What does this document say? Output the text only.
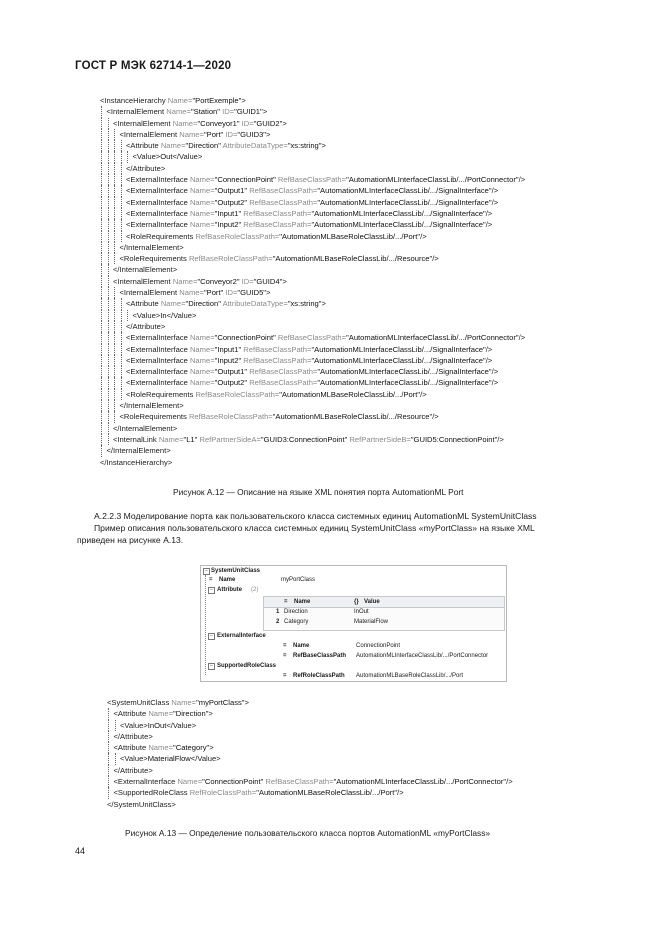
ГОСТ Р МЭК 62714-1—2020
<InstanceHierarchy Name="PortExemple">
<InternalElement Name="Station" ID="GUID1">
<InternalElement Name="Conveyor1" ID="GUID2">
<InternalElement Name="Port" ID="GUID3">
<Attribute Name="Direction" AttributeDataType="xs:string">
<Value>Out</Value>
</Attribute>
<ExternalInterface Name="ConnectionPoint" RefBaseClassPath="AutomationMLInterfaceClassLib/.../PortConnector"/>
<ExternalInterface Name="Output1" RefBaseClassPath="AutomationMLInterfaceClassLib/.../SignalInterface"/>
<ExternalInterface Name="Output2" RefBaseClassPath="AutomationMLInterfaceClassLib/.../SignalInterface"/>
<ExternalInterface Name="Input1" RefBaseClassPath="AutomationMLInterfaceClassLib/.../SignalInterface"/>
<ExternalInterface Name="Input2" RefBaseClassPath="AutomationMLInterfaceClassLib/.../SignalInterface"/>
<RoleRequirements RefBaseRoleClassPath="AutomationMLBaseRoleClassLib/.../Port"/>
</InternalElement>
<RoleRequirements RefBaseRoleClassPath="AutomationMLBaseRoleClassLib/.../Resource"/>
</InternalElement>
<InternalElement Name="Conveyor2" ID="GUID4">
<InternalElement Name="Port" ID="GUID5">
<Attribute Name="Direction" AttributeDataType="xs:string">
<Value>In</Value>
</Attribute>
<ExternalInterface Name="ConnectionPoint" RefBaseClassPath="AutomationMLInterfaceClassLib/.../PortConnector"/>
<ExternalInterface Name="Input1" RefBaseClassPath="AutomationMLInterfaceClassLib/.../SignalInterface"/>
<ExternalInterface Name="Input2" RefBaseClassPath="AutomationMLInterfaceClassLib/.../SignalInterface"/>
<ExternalInterface Name="Output1" RefBaseClassPath="AutomationMLInterfaceClassLib/.../SignalInterface"/>
<ExternalInterface Name="Output2" RefBaseClassPath="AutomationMLInterfaceClassLib/.../SignalInterface"/>
<RoleRequirements RefBaseRoleClassPath="AutomationMLBaseRoleClassLib/.../Port"/>
</InternalElement>
<RoleRequirements RefBaseRoleClassPath="AutomationMLBaseRoleClassLib/.../Resource"/>
</InternalElement>
<InternalLink Name="L1" RefPartnerSideA="GUID3:ConnectionPoint" RefPartnerSideB="GUID5:ConnectionPoint"/>
</InternalElement>
</InstanceHierarchy>
Рисунок А.12 — Описание на языке XML понятия порта AutomationML Port
А.2.2.3 Моделирование порта как пользовательского класса системных единиц AutomationML SystemUnitClass
Пример описания пользовательского класса системных единиц SystemUnitClass «myPortClass» на языке XML
приведен на рисунке А.13.
− SystemUnitClass
= Name	myPortClass
− Attribute (2)
= Name	{} Value
1 Direction	InOut
2 Category	MaterialFlow
− ExternalInterface
= Name	ConnectionPoint
= RefBaseClassPath AutomationMLInterfaceClassLib/.../PortConnector
− SupportedRoleClass
= RefRoleClassPath AutomationMLBaseRoleClassLib/.../Port
<SystemUnitClass Name="myPortClass">
<Attribute Name="Direction">
<Value>InOut</Value>
</Attribute>
<Attribute Name="Category">
<Value>MaterialFlow</Value>
</Attribute>
<ExternalInterface Name="ConnectionPoint" RefBaseClassPath="AutomationMLInterfaceClassLib/.../PortConnector"/>
<SupportedRoleClass RefRoleClassPath="AutomationMLBaseRoleClassLib/.../Port"/>
</SystemUnitClass>
Рисунок А.13 — Определение пользовательского класса портов AutomationML «myPortClass»
44
